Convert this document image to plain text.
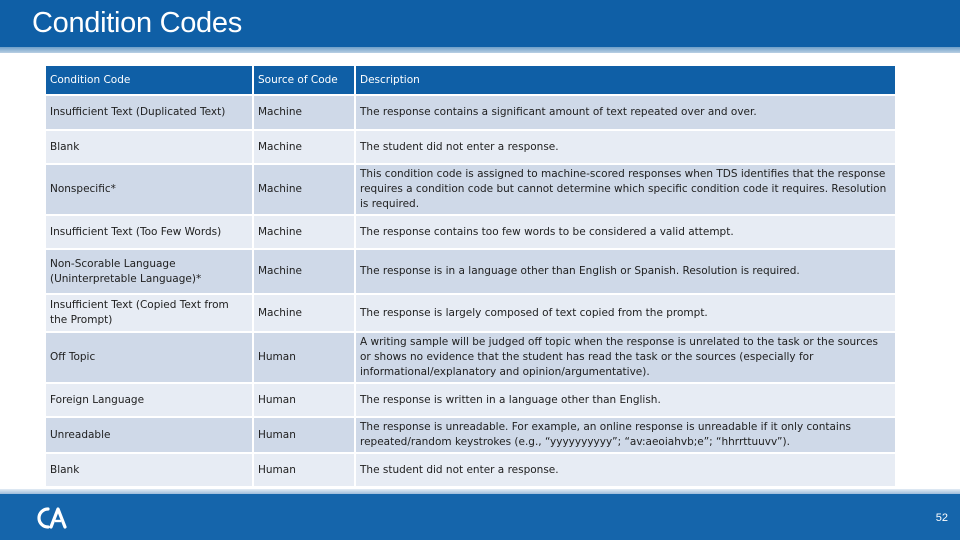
Condition Codes
Condition Code	Source of Code	Description
Insufficient Text (Duplicated Text)	Machine	The response contains a significant amount of text repeated over and over.
Blank	Machine	The student did not enter a response.
Nonspecific*	Machine	This condition code is assigned to machine-scored responses when TDS identifies that the response requires a condition code but cannot determine which specific condition code it requires. Resolution is required.
Insufficient Text (Too Few Words)	Machine	The response contains too few words to be considered a valid attempt.
Non-Scorable Language (Uninterpretable Language)*	Machine	The response is in a language other than English or Spanish. Resolution is required.
Insufficient Text (Copied Text from the Prompt)	Machine	The response is largely composed of text copied from the prompt.
Off Topic	Human	A writing sample will be judged off topic when the response is unrelated to the task or the sources or shows no evidence that the student has read the task or the sources (especially for informational/explanatory and opinion/argumentative).
Foreign Language	Human	The response is written in a language other than English.
Unreadable	Human	The response is unreadable. For example, an online response is unreadable if it only contains repeated/random keystrokes (e.g., “yyyyyyyyyy”; “av:aeoiahvb;e”; “hhrrttuuvv”).
Blank	Human	The student did not enter a response.
52
